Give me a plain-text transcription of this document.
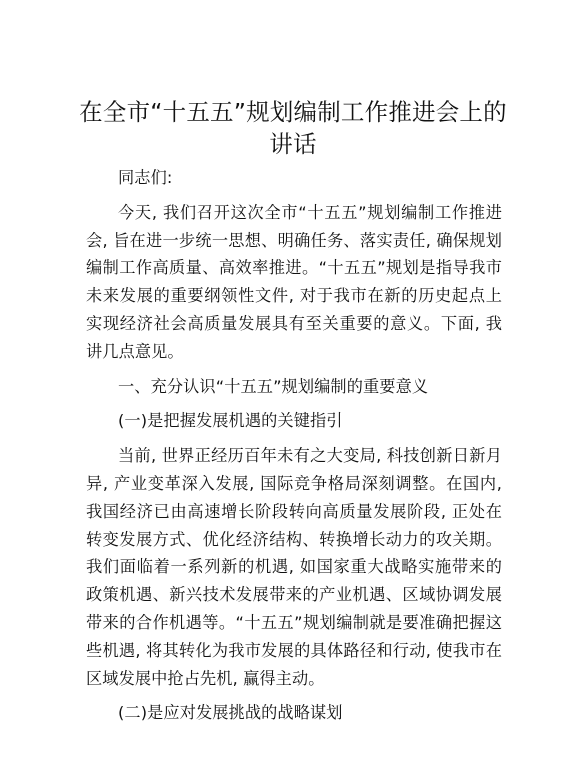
在全市“十五五”规划编制工作推进会上的讲话

同志们:

今天, 我们召开这次全市“十五五”规划编制工作推进会, 旨在进一步统一思想、明确任务、落实责任, 确保规划编制工作高质量、高效率推进。“十五五”规划是指导我市未来发展的重要纲领性文件, 对于我市在新的历史起点上实现经济社会高质量发展具有至关重要的意义。下面, 我讲几点意见。

一、充分认识“十五五”规划编制的重要意义

(一)是把握发展机遇的关键指引

当前, 世界正经历百年未有之大变局, 科技创新日新月异, 产业变革深入发展, 国际竞争格局深刻调整。在国内, 我国经济已由高速增长阶段转向高质量发展阶段, 正处在转变发展方式、优化经济结构、转换增长动力的攻关期。我们面临着一系列新的机遇, 如国家重大战略实施带来的政策机遇、新兴技术发展带来的产业机遇、区域协调发展带来的合作机遇等。“十五五”规划编制就是要准确把握这些机遇, 将其转化为我市发展的具体路径和行动, 使我市在区域发展中抢占先机, 赢得主动。

(二)是应对发展挑战的战略谋划
